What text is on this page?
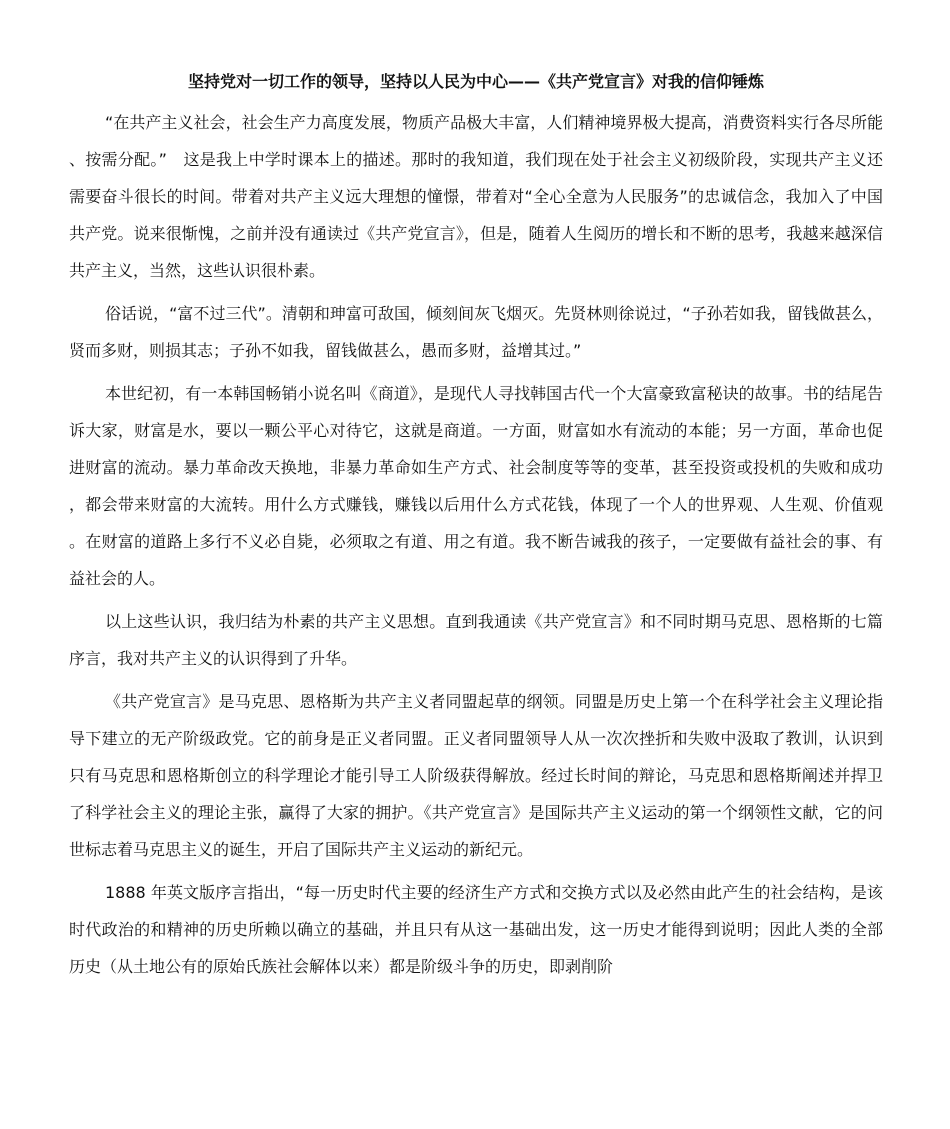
坚持党对一切工作的领导，坚持以人民为中心——《共产党宣言》对我的信仰锤炼

“在共产主义社会，社会生产力高度发展，物质产品极大丰富，人们精神境界极大提高，消费资料实行各尽所能、按需分配。”　这是我上中学时课本上的描述。那时的我知道，我们现在处于社会主义初级阶段，实现共产主义还需要奋斗很长的时间。带着对共产主义远大理想的憧憬，带着对“全心全意为人民服务”的忠诚信念，我加入了中国共产党。说来很惭愧，之前并没有通读过《共产党宣言》，但是，随着人生阅历的增长和不断的思考，我越来越深信共产主义，当然，这些认识很朴素。

俗话说，“富不过三代”。清朝和珅富可敌国，倾刻间灰飞烟灭。先贤林则徐说过，“子孙若如我，留钱做甚么，贤而多财，则损其志；子孙不如我，留钱做甚么，愚而多财，益增其过。”

本世纪初，有一本韩国畅销小说名叫《商道》，是现代人寻找韩国古代一个大富豪致富秘诀的故事。书的结尾告诉大家，财富是水，要以一颗公平心对待它，这就是商道。一方面，财富如水有流动的本能；另一方面，革命也促进财富的流动。暴力革命改天换地，非暴力革命如生产方式、社会制度等等的变革，甚至投资或投机的失败和成功，都会带来财富的大流转。用什么方式赚钱，赚钱以后用什么方式花钱，体现了一个人的世界观、人生观、价值观。在财富的道路上多行不义必自毙，必须取之有道、用之有道。我不断告诫我的孩子，一定要做有益社会的事、有益社会的人。

以上这些认识，我归结为朴素的共产主义思想。直到我通读《共产党宣言》和不同时期马克思、恩格斯的七篇序言，我对共产主义的认识得到了升华。

《共产党宣言》是马克思、恩格斯为共产主义者同盟起草的纲领。同盟是历史上第一个在科学社会主义理论指导下建立的无产阶级政党。它的前身是正义者同盟。正义者同盟领导人从一次次挫折和失败中汲取了教训，认识到只有马克思和恩格斯创立的科学理论才能引导工人阶级获得解放。经过长时间的辩论，马克思和恩格斯阐述并捍卫了科学社会主义的理论主张，赢得了大家的拥护。《共产党宣言》是国际共产主义运动的第一个纲领性文献，它的问世标志着马克思主义的诞生，开启了国际共产主义运动的新纪元。

1888 年英文版序言指出，“每一历史时代主要的经济生产方式和交换方式以及必然由此产生的社会结构，是该时代政治的和精神的历史所赖以确立的基础，并且只有从这一基础出发，这一历史才能得到说明；因此人类的全部历史（从土地公有的原始氏族社会解体以来）都是阶级斗争的历史，即剥削阶
